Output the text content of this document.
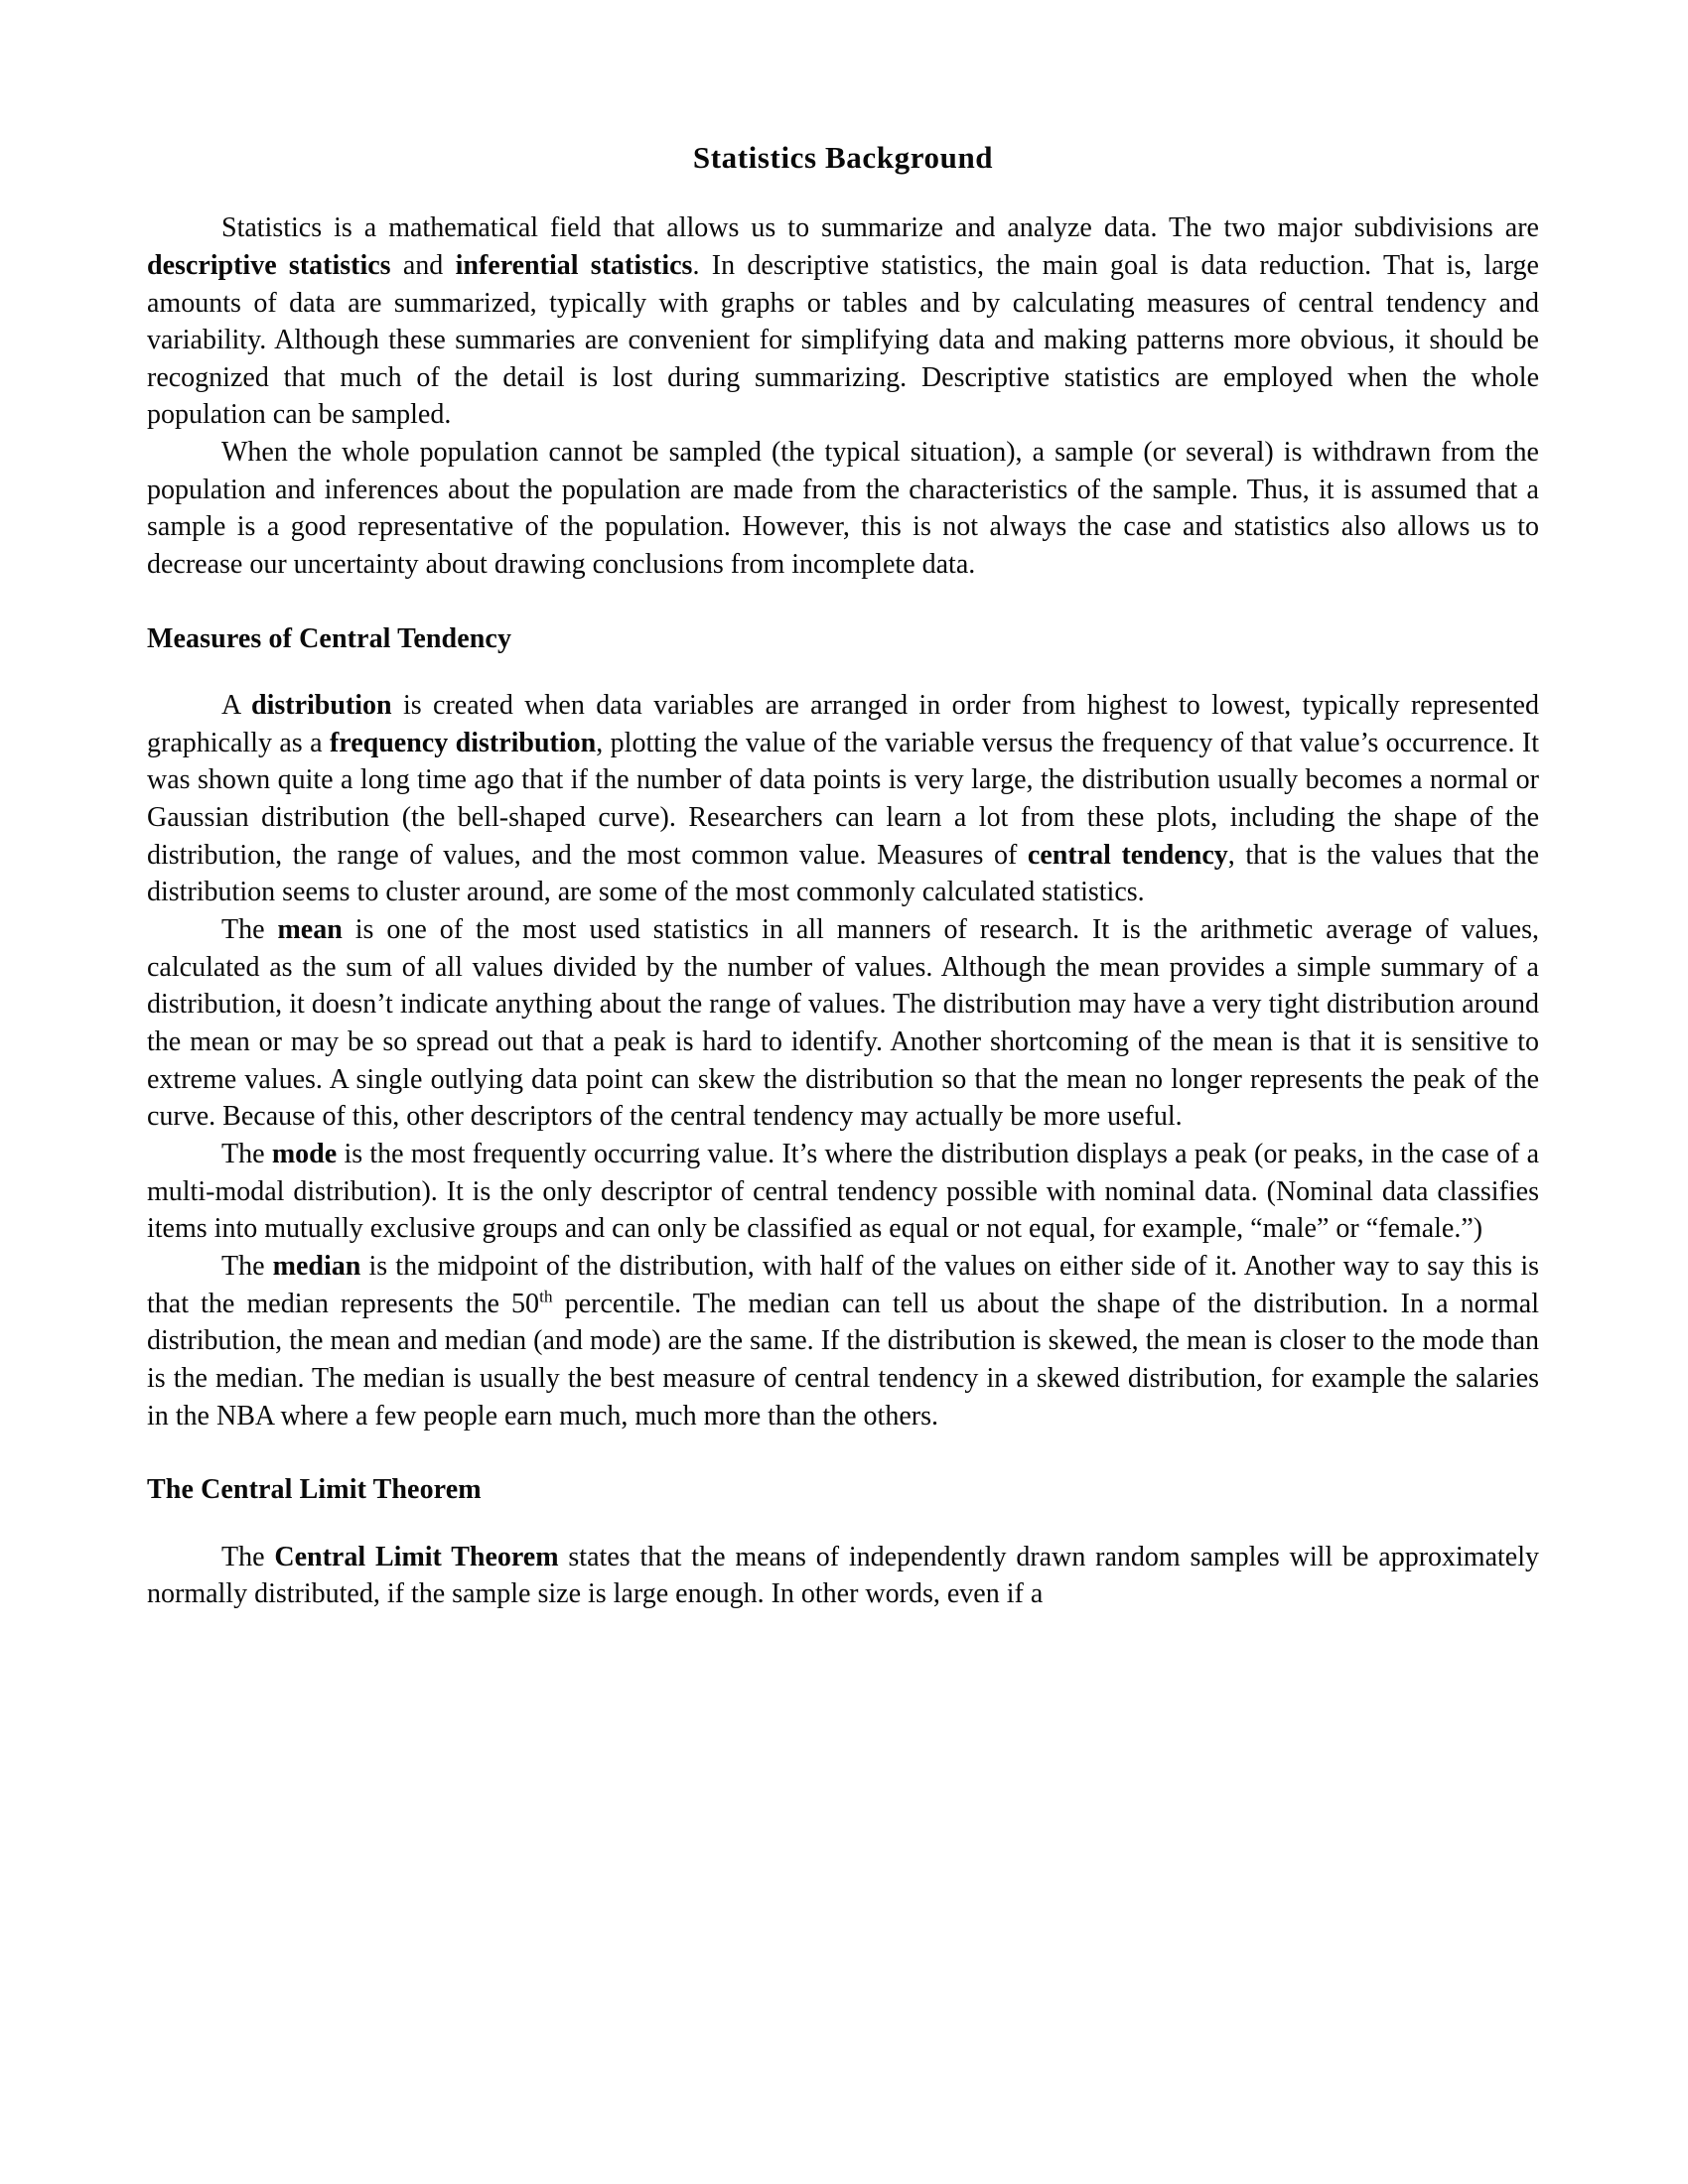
Statistics Background

Statistics is a mathematical field that allows us to summarize and analyze data. The two major subdivisions are descriptive statistics and inferential statistics. In descriptive statistics, the main goal is data reduction. That is, large amounts of data are summarized, typically with graphs or tables and by calculating measures of central tendency and variability. Although these summaries are convenient for simplifying data and making patterns more obvious, it should be recognized that much of the detail is lost during summarizing. Descriptive statistics are employed when the whole population can be sampled.

When the whole population cannot be sampled (the typical situation), a sample (or several) is withdrawn from the population and inferences about the population are made from the characteristics of the sample. Thus, it is assumed that a sample is a good representative of the population. However, this is not always the case and statistics also allows us to decrease our uncertainty about drawing conclusions from incomplete data.

Measures of Central Tendency

A distribution is created when data variables are arranged in order from highest to lowest, typically represented graphically as a frequency distribution, plotting the value of the variable versus the frequency of that value’s occurrence. It was shown quite a long time ago that if the number of data points is very large, the distribution usually becomes a normal or Gaussian distribution (the bell-shaped curve). Researchers can learn a lot from these plots, including the shape of the distribution, the range of values, and the most common value. Measures of central tendency, that is the values that the distribution seems to cluster around, are some of the most commonly calculated statistics.

The mean is one of the most used statistics in all manners of research. It is the arithmetic average of values, calculated as the sum of all values divided by the number of values. Although the mean provides a simple summary of a distribution, it doesn’t indicate anything about the range of values. The distribution may have a very tight distribution around the mean or may be so spread out that a peak is hard to identify. Another shortcoming of the mean is that it is sensitive to extreme values. A single outlying data point can skew the distribution so that the mean no longer represents the peak of the curve. Because of this, other descriptors of the central tendency may actually be more useful.

The mode is the most frequently occurring value. It’s where the distribution displays a peak (or peaks, in the case of a multi-modal distribution). It is the only descriptor of central tendency possible with nominal data. (Nominal data classifies items into mutually exclusive groups and can only be classified as equal or not equal, for example, “male” or “female.”)

The median is the midpoint of the distribution, with half of the values on either side of it. Another way to say this is that the median represents the 50th percentile. The median can tell us about the shape of the distribution. In a normal distribution, the mean and median (and mode) are the same. If the distribution is skewed, the mean is closer to the mode than is the median. The median is usually the best measure of central tendency in a skewed distribution, for example the salaries in the NBA where a few people earn much, much more than the others.

The Central Limit Theorem

The Central Limit Theorem states that the means of independently drawn random samples will be approximately normally distributed, if the sample size is large enough. In other words, even if a
